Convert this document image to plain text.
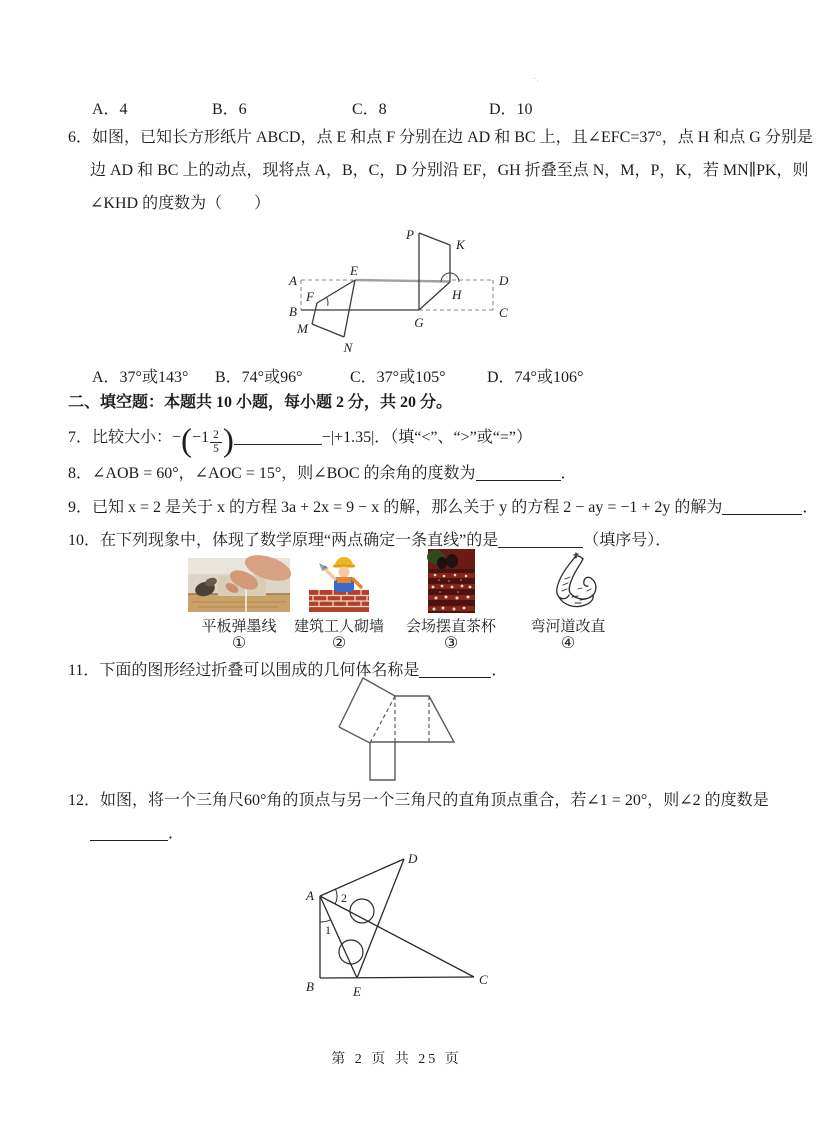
·.
A．4	B．6	C．8	D．10
6．如图，已知长方形纸片 ABCD，点 E 和点 F 分别在边 AD 和 BC 上，且∠EFC=37°，点 H 和点 G 分别是
边 AD 和 BC 上的动点，现将点 A，B，C，D 分别沿 EF，GH 折叠至点 N，M，P，K，若 MN∥PK，则
∠KHD 的度数为（　　）
A
B	C
D
E
F
G
H
M
N
P
K
A．37°或143° B．74°或96°	C．37°或105°	D．74°或106°
二、填空题：本题共 10 小题，每小题 2 分，共 20 分。
7．比较大小：$-(-1 \frac{2}{5}$ )	−|+1.35|．（填“<”、“>”或“=”）
8．∠AOB = 60°，∠AOC = 15°，则∠BOC 的余角的度数为	．
9．已知 x = 2 是关于 x 的方程 3a + 2x = 9 − x 的解，那么关于 y 的方程 2 − ay = −1 + 2y 的解为	．
10．在下列现象中，体现了数学原理“两点确定一条直线”的是	（填序号）．
平板弹墨线	建筑工人砌墙 会场摆直茶杯	弯河道改直
①	②	③	④
11．下面的图形经过折叠可以围成的几何体名称是	．
12．如图，将一个三角尺60°角的顶点与另一个三角尺的直角顶点重合，若∠1 = 20°，则∠2 的度数是
．
A
D
B	E
C
1
2
第 2 页 共 25 页
